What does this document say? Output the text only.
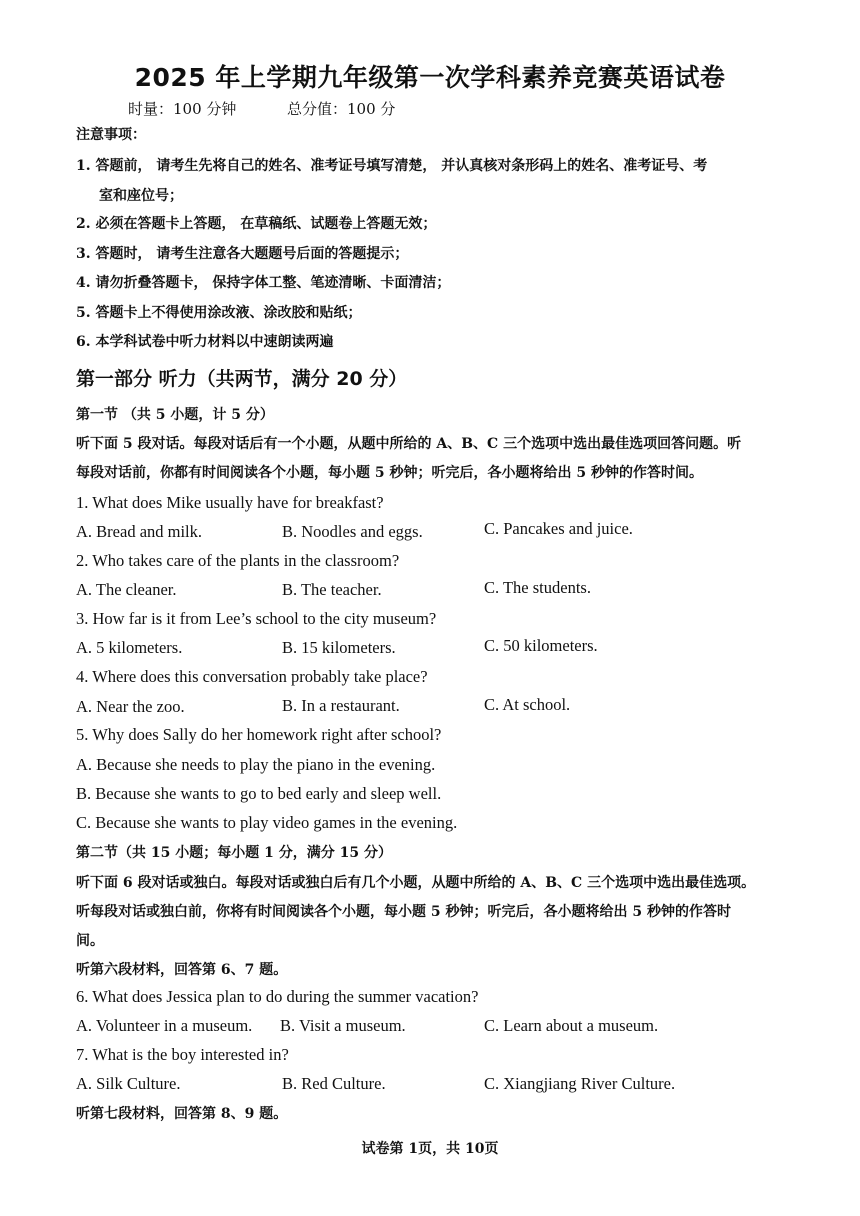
2025 年上学期九年级第一次学科素养竞赛英语试卷
时量：100 分钟	总分值：100 分
注意事项：
1. 答题前， 请考生先将自己的姓名、准考证号填写清楚， 并认真核对条形码上的姓名、准考证号、考
室和座位号；
2. 必须在答题卡上答题， 在草稿纸、试题卷上答题无效；
3. 答题时， 请考生注意各大题题号后面的答题提示；
4. 请勿折叠答题卡， 保持字体工整、笔迹清晰、卡面清洁；
5. 答题卡上不得使用涂改液、涂改胶和贴纸；
6. 本学科试卷中听力材料以中速朗读两遍
第一部分 听力（共两节，满分 20 分）
第一节 （共 5 小题，计 5 分）
听下面 5 段对话。每段对话后有一个小题，从题中所给的 A、B、C 三个选项中选出最佳选项回答问题。听
每段对话前，你都有时间阅读各个小题，每小题 5 秒钟；听完后，各小题将给出 5 秒钟的作答时间。
1. What does Mike usually have for breakfast?
A. Bread and milk.	B. Noodles and eggs.	C. Pancakes and juice.
2. Who takes care of the plants in the classroom?
A. The cleaner.	B. The teacher.	C. The students.
3. How far is it from Lee’s school to the city museum?
A. 5 kilometers.	B. 15 kilometers.	C. 50 kilometers.
4. Where does this conversation probably take place?
A. Near the zoo.	B. In a restaurant.	C. At school.
5. Why does Sally do her homework right after school?
A. Because she needs to play the piano in the evening.
B. Because she wants to go to bed early and sleep well.
C. Because she wants to play video games in the evening.
第二节（共 15 小题；每小题 1 分，满分 15 分）
听下面 6 段对话或独白。每段对话或独白后有几个小题，从题中所给的 A、B、C 三个选项中选出最佳选项。
听每段对话或独白前，你将有时间阅读各个小题，每小题 5 秒钟；听完后，各小题将给出 5 秒钟的作答时
间。
听第六段材料，回答第 6、7 题。
6. What does Jessica plan to do during the summer vacation?
A. Volunteer in a museum. B. Visit a museum.	C. Learn about a museum.
7. What is the boy interested in?
A. Silk Culture.	B. Red Culture.	C. Xiangjiang River Culture.
听第七段材料，回答第 8、9 题。
试卷第 1页，共 10页
